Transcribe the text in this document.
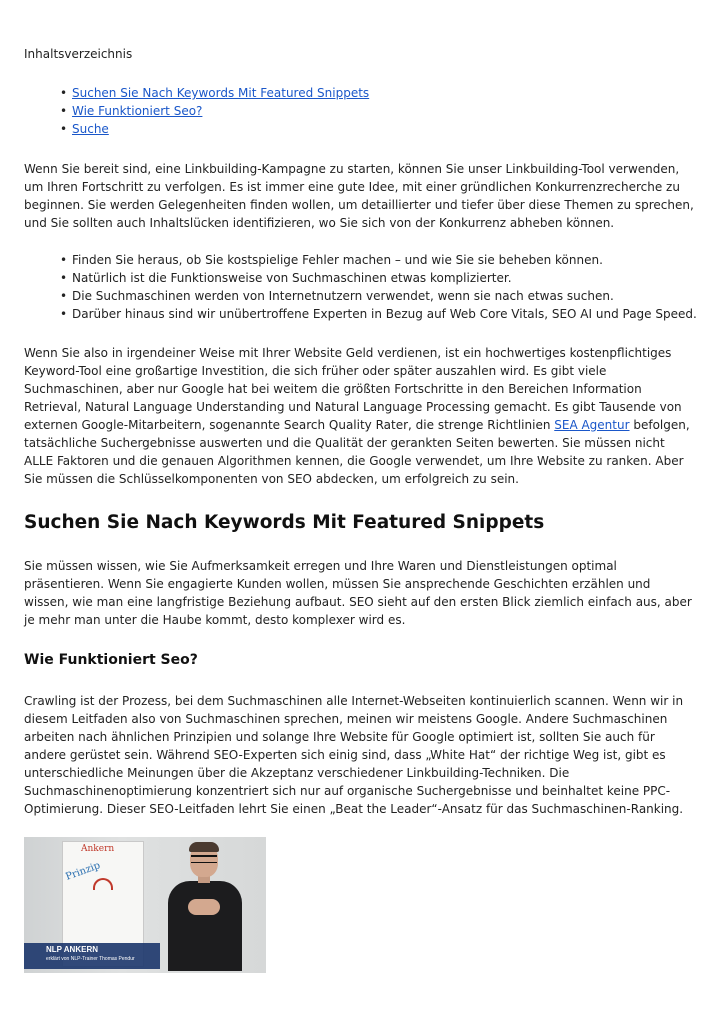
Inhaltsverzeichnis
• Suchen Sie Nach Keywords Mit Featured Snippets
• Wie Funktioniert Seo?
• Suche

Wenn Sie bereit sind, eine Linkbuilding-Kampagne zu starten, können Sie unser Linkbuilding-Tool verwenden, um Ihren Fortschritt zu verfolgen. Es ist immer eine gute Idee, mit einer gründlichen Konkurrenzrecherche zu beginnen. Sie werden Gelegenheiten finden wollen, um detaillierter und tiefer über diese Themen zu sprechen, und Sie sollten auch Inhaltslücken identifizieren, wo Sie sich von der Konkurrenz abheben können.

• Finden Sie heraus, ob Sie kostspielige Fehler machen – und wie Sie sie beheben können.
• Natürlich ist die Funktionsweise von Suchmaschinen etwas komplizierter.
• Die Suchmaschinen werden von Internetnutzern verwendet, wenn sie nach etwas suchen.
• Darüber hinaus sind wir unübertroffene Experten in Bezug auf Web Core Vitals, SEO AI und Page Speed.

Wenn Sie also in irgendeiner Weise mit Ihrer Website Geld verdienen, ist ein hochwertiges kostenpflichtiges Keyword-Tool eine großartige Investition, die sich früher oder später auszahlen wird. Es gibt viele Suchmaschinen, aber nur Google hat bei weitem die größten Fortschritte in den Bereichen Information Retrieval, Natural Language Understanding und Natural Language Processing gemacht. Es gibt Tausende von externen Google-Mitarbeitern, sogenannte Search Quality Rater, die strenge Richtlinien SEA Agentur befolgen, tatsächliche Suchergebnisse auswerten und die Qualität der gerankten Seiten bewerten. Sie müssen nicht ALLE Faktoren und die genauen Algorithmen kennen, die Google verwendet, um Ihre Website zu ranken. Aber Sie müssen die Schlüsselkomponenten von SEO abdecken, um erfolgreich zu sein.

Suchen Sie Nach Keywords Mit Featured Snippets

Sie müssen wissen, wie Sie Aufmerksamkeit erregen und Ihre Waren und Dienstleistungen optimal präsentieren. Wenn Sie engagierte Kunden wollen, müssen Sie ansprechende Geschichten erzählen und wissen, wie man eine langfristige Beziehung aufbaut. SEO sieht auf den ersten Blick ziemlich einfach aus, aber je mehr man unter die Haube kommt, desto komplexer wird es.

Wie Funktioniert Seo?

Crawling ist der Prozess, bei dem Suchmaschinen alle Internet-Webseiten kontinuierlich scannen. Wenn wir in diesem Leitfaden also von Suchmaschinen sprechen, meinen wir meistens Google. Andere Suchmaschinen arbeiten nach ähnlichen Prinzipien und solange Ihre Website für Google optimiert ist, sollten Sie auch für andere gerüstet sein. Während SEO-Experten sich einig sind, dass „White Hat“ der richtige Weg ist, gibt es unterschiedliche Meinungen über die Akzeptanz verschiedener Linkbuilding-Techniken. Die Suchmaschinenoptimierung konzentriert sich nur auf organische Suchergebnisse und beinhaltet keine PPC-Optimierung. Dieser SEO-Leitfaden lehrt Sie einen „Beat the Leader“-Ansatz für das Suchmaschinen-Ranking.

Ankern
Prinzip
NLP ANKERN
erklärt von NLP-Trainer Thomas Pendur
